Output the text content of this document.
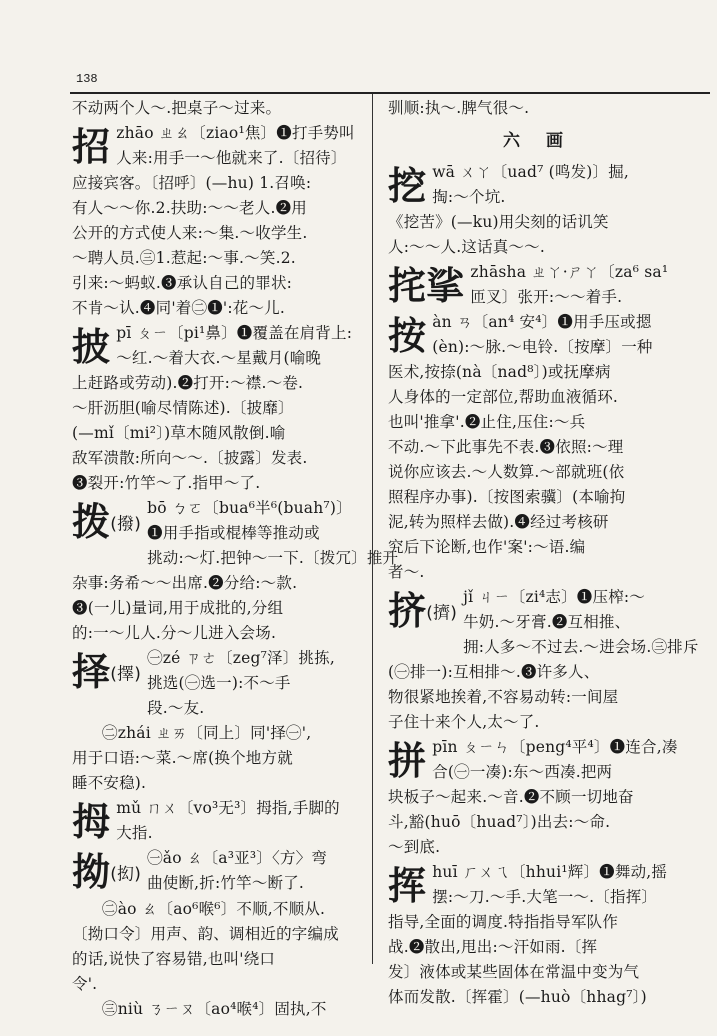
138
不动两个人～.把桌子～过来。
招 zhāo ㄓㄠ〔ziao¹焦〕❶打手势叫
人来:用手一～他就来了.〔招待〕
应接宾客。〔招呼〕(—hu) 1.召唤:
有人～～你.2.扶助:～～老人.❷用
公开的方式使人来:～集.～收学生.
～聘人员.㊂1.惹起:～事.～笑.2.
引来:～蚂蚁.❸承认自己的罪状:
不肯～认.❹同'着㊁❶':花～儿.
披 pī ㄆㄧ〔pi¹鼻〕❶覆盖在肩背上:
～红.～着大衣.～星戴月(喻晚
上赶路或劳动).❷打开:～襟.～卷.
～肝沥胆(喻尽情陈述).〔披靡〕
(—mǐ〔mi²〕)草木随风散倒.喻
敌军溃散:所向～～.〔披露〕发表.
❸裂开:竹竿～了.指甲～了.
拨(撥)
bō ㄅㄛ〔bua⁶半⁶(buah⁷)〕
❶用手指或棍棒等推动或
挑动:～灯.把钟～一下.〔拨冗〕推开
杂事:务希～～出席.❷分给:～款.
❸(一儿)量词,用于成批的,分组
的:一～儿人.分～儿进入会场.
择(擇)
㊀zé ㄗㄜ〔zeg⁷泽〕挑拣,
挑选(㊀选一):不～手
段.～友.
㊁zhái ㄓㄞ〔同上〕同'择㊀',
用于口语:～菜.～席(换个地方就
睡不安稳).
拇 mǔ ㄇㄨ〔vo³无³〕拇指,手脚的
大指.
拗(抝)
㊀ǎo ㄠ〔a³亚³〕〈方〉弯
曲使断,折:竹竿～断了.
㊁ào ㄠ〔ao⁶喉⁶〕不顺,不顺从.
〔拗口令〕用声、韵、调相近的字编成
的话,说快了容易错,也叫'绕口
令'.
㊂niù ㄋㄧㄡ〔ao⁴喉⁴〕固执,不
驯顺:执～.脾气很～.
六 画
挖 wā ㄨㄚ〔uad⁷ (鸣发)〕掘,
掏:～个坑.
《挖苦》(—ku)用尖刻的话讥笑
人:～～人.这话真～～.
挓挲 zhāsha ㄓㄚ·ㄕㄚ〔za⁶ sa¹
匝叉〕张开:～～着手.
按 àn ㄢ〔an⁴ 安⁴〕❶用手压或摁
(èn):～脉.～电铃.〔按摩〕一种
医术,按捺(nà〔nad⁸〕)或抚摩病
人身体的一定部位,帮助血液循环.
也叫'推拿'.❷止住,压住:～兵
不动.～下此事先不表.❸依照:～理
说你应该去.～人数算.～部就班(依
照程序办事).〔按图索骥〕(本喻拘
泥,转为照样去做).❹经过考核研
究后下论断,也作'案':～语.编
者～.
挤(擠)
jǐ ㄐㄧ〔zi⁴志〕❶压榨:～
牛奶.～牙膏.❷互相推、
拥:人多～不过去.～进会场.㊂排斥
(㊀排一):互相排～.❸许多人、
物很紧地挨着,不容易动转:一间屋
子住十来个人,太～了.
拼 pīn ㄆㄧㄣ〔peng⁴平⁴〕❶连合,凑
合(㊀一凑):东～西凑.把两
块板子～起来.～音.❷不顾一切地奋
斗,豁(huō〔huad⁷〕)出去:～命.
～到底.
挥 huī ㄏㄨㄟ〔hhui¹辉〕❶舞动,摇
摆:～刀.～手.大笔一～.〔指挥〕
指导,全面的调度.特指指导军队作
战.❷散出,甩出:～汗如雨.〔挥
发〕液体或某些固体在常温中变为气
体而发散.〔挥霍〕(—huò〔hhag⁷〕)
